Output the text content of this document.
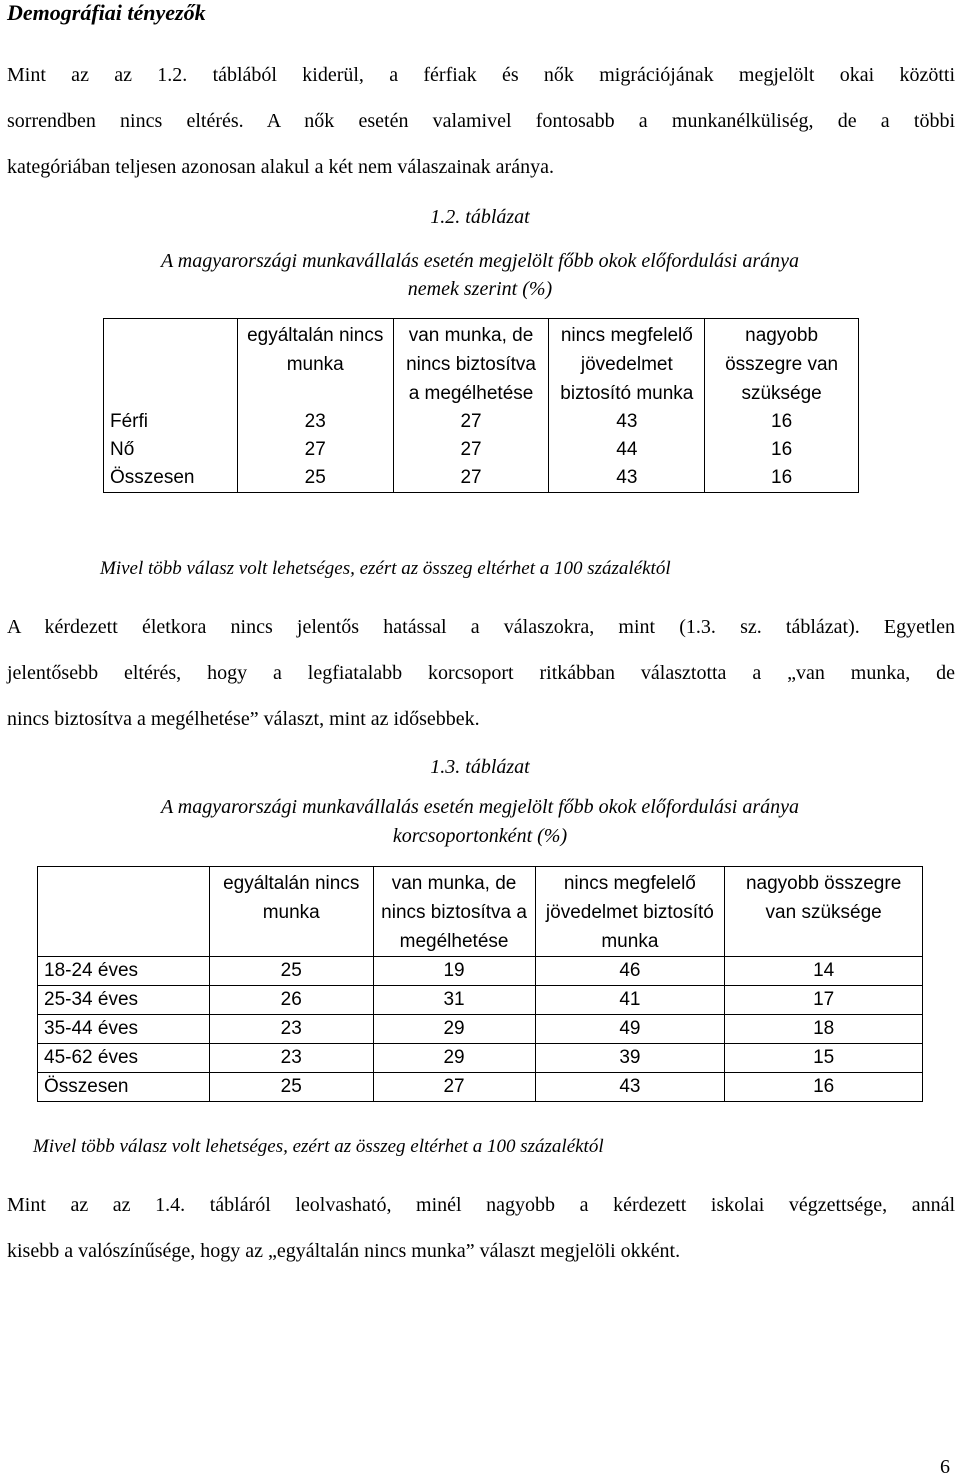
Demográfiai tényezők
Mint az az 1.2. táblából kiderül, a férfiak és nők migrációjának megjelölt okai közötti
sorrendben nincs eltérés. A nők esetén valamivel fontosabb a munkanélküliség, de a többi
kategóriában teljesen azonosan alakul a két nem válaszainak aránya.
1.2. táblázat
A magyarországi munkavállalás esetén megjelölt főbb okok előfordulási aránya
nemek szerint (%)
	egyáltalán nincs munka	van munka, de nincs biztosítva a megélhetése	nincs megfelelő jövedelmet biztosító munka	nagyobb összegre van szüksége
Férfi	23	27	43	16
Nő	27	27	44	16
Összesen	25	27	43	16
Mivel több válasz volt lehetséges, ezért az összeg eltérhet a 100 százaléktól
A kérdezett életkora nincs jelentős hatással a válaszokra, mint (1.3. sz. táblázat). Egyetlen
jelentősebb eltérés, hogy a legfiatalabb korcsoport ritkábban választotta a „van munka, de
nincs biztosítva a megélhetése” választ, mint az idősebbek.
1.3. táblázat
A magyarországi munkavállalás esetén megjelölt főbb okok előfordulási aránya
korcsoportonként (%)
	egyáltalán nincs munka	van munka, de nincs biztosítva a megélhetése	nincs megfelelő jövedelmet biztosító munka	nagyobb összegre van szüksége
18-24 éves	25	19	46	14
25-34 éves	26	31	41	17
35-44 éves	23	29	49	18
45-62 éves	23	29	39	15
Összesen	25	27	43	16
Mivel több válasz volt lehetséges, ezért az összeg eltérhet a 100 százaléktól
Mint az az 1.4. tábláról leolvasható, minél nagyobb a kérdezett iskolai végzettsége, annál
kisebb a valószínűsége, hogy az „egyáltalán nincs munka” választ megjelöli okként.
6
